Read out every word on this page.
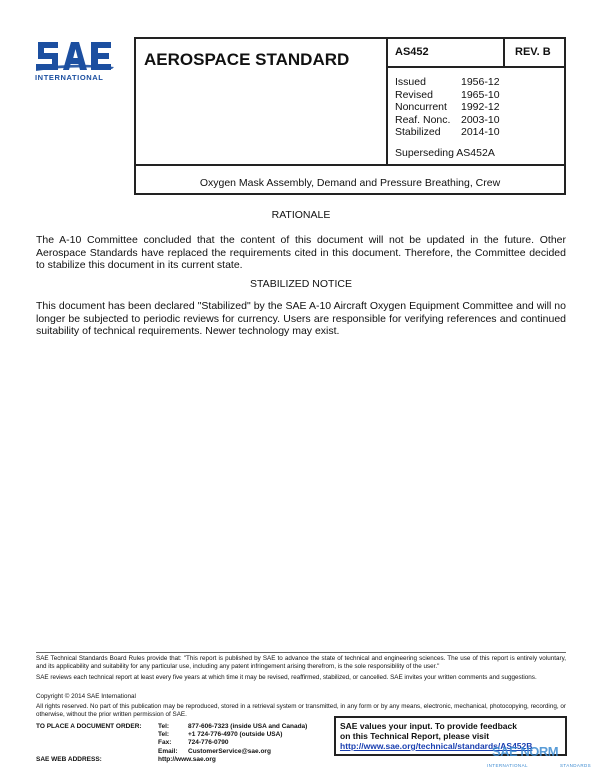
INTERNATIONAL
AEROSPACE STANDARD	AS452	REV. B
Issued	1956-12
Revised	1965-10
Noncurrent	1992-12
Reaf. Nonc.	2003-10
Stabilized	2014-10
Superseding AS452A
Oxygen Mask Assembly, Demand and Pressure Breathing, Crew
RATIONALE
The A-10 Committee concluded that the content of this document will not be updated in the future. Other Aerospace Standards have replaced the requirements cited in this document. Therefore, the Committee decided to stabilize this document in its current state.
STABILIZED NOTICE
This document has been declared "Stabilized" by the SAE A-10 Aircraft Oxygen Equipment Committee and will no longer be subjected to periodic reviews for currency. Users are responsible for verifying references and continued suitability of technical requirements. Newer technology may exist.
SAE Technical Standards Board Rules provide that: "This report is published by SAE to advance the state of technical and engineering sciences. The use of this report is entirely voluntary, and its applicability and suitability for any particular use, including any patent infringement arising therefrom, is the sole responsibility of the user."
SAE reviews each technical report at least every five years at which time it may be revised, reaffirmed, stabilized, or cancelled. SAE invites your written comments and suggestions.
Copyright © 2014 SAE International
All rights reserved. No part of this publication may be reproduced, stored in a retrieval system or transmitted, in any form or by any means, electronic, mechanical, photocopying, recording, or otherwise, without the prior written permission of SAE.
TO PLACE A DOCUMENT ORDER:	Tel:	877-606-7323 (inside USA and Canada)
	Tel:	+1 724-776-4970 (outside USA)
	Fax:	724-776-0790
	Email:	CustomerService@sae.org
SAE WEB ADDRESS:	http://www.sae.org	
SAE values your input. To provide feedback
on this Technical Report, please visit
http://www.sae.org/technical/standards/AS452B
SAE NORM
INTERNATIONAL	STANDARDS
